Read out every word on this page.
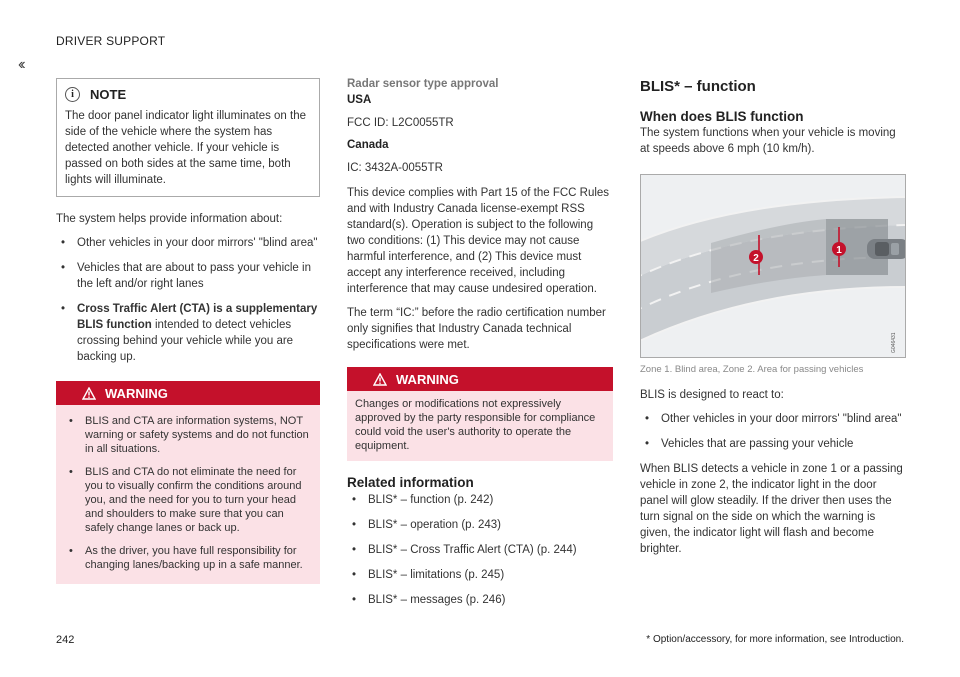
DRIVER SUPPORT
‹‹
i	NOTE
The door panel indicator light illuminates on the side of the vehicle where the system has detected another vehicle. If your vehicle is passed on both sides at the same time, both lights will illuminate.

The system helps provide information about:

• Other vehicles in your door mirrors' "blind area"
• Vehicles that are about to pass your vehicle in the left and/or right lanes
• Cross Traffic Alert (CTA) is a supplementary BLIS function intended to detect vehicles crossing behind your vehicle while you are backing up.
WARNING
• BLIS and CTA are information systems, NOT warning or safety systems and do not function in all situations.
• BLIS and CTA do not eliminate the need for you to visually confirm the conditions around you, and the need for you to turn your head and shoulders to make sure that you can safely change lanes or back up.
• As the driver, you have full responsibility for changing lanes/backing up in a safe manner.
Radar sensor type approval

USA

FCC ID: L2C0055TR

Canada

IC: 3432A-0055TR

This device complies with Part 15 of the FCC Rules and with Industry Canada license-exempt RSS standard(s). Operation is subject to the following two conditions: (1) This device may not cause harmful interference, and (2) This device must accept any interference received, including interference that may cause undesired operation.

The term “IC:” before the radio certification number only signifies that Industry Canada technical specifications were met.

WARNING
Changes or modifications not expressively approved by the party responsible for compliance could void the user's authority to operate the equipment.

Related information

• BLIS* – function (p. 242)
• BLIS* – operation (p. 243)
• BLIS* – Cross Traffic Alert (CTA) (p. 244)
• BLIS* – limitations (p. 245)
• BLIS* – messages (p. 246)

BLIS* – function

When does BLIS function

The system functions when your vehicle is moving at speeds above 6 mph (10 km/h).

1
2
G046431
Zone 1. Blind area, Zone 2. Area for passing vehicles

BLIS is designed to react to:

• Other vehicles in your door mirrors' "blind area"
• Vehicles that are passing your vehicle

When BLIS detects a vehicle in zone 1 or a passing vehicle in zone 2, the indicator light in the door panel will glow steadily. If the driver then uses the turn signal on the side on which the warning is given, the indicator light will flash and become brighter.

242	* Option/accessory, for more information, see Introduction.
